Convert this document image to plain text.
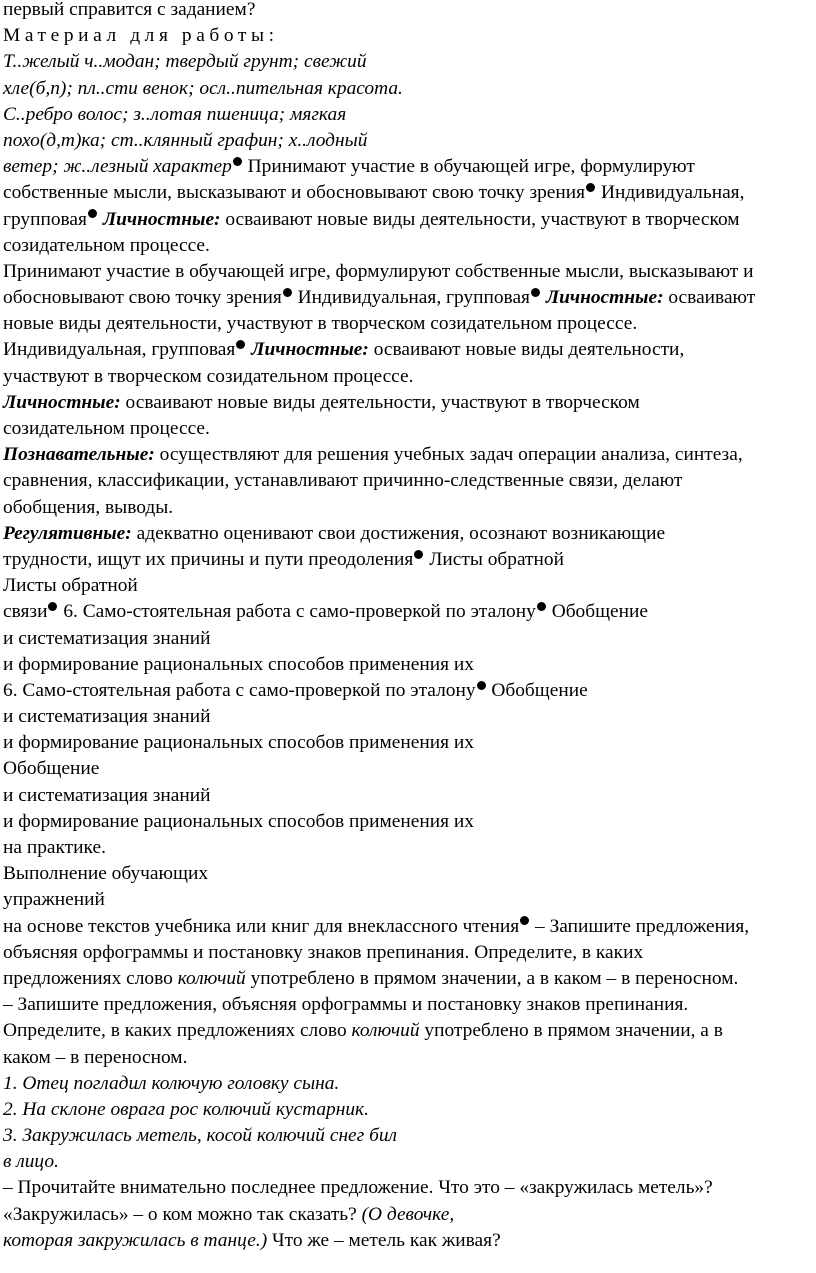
первый справится с заданием?
Материал для работы:
Т..желый ч..модан; твердый грунт; свежий
хле(б,п); пл..сти венок; осл..пительная красота.
С..ребро волос; з..лотая пшеница; мягкая
похо(д,т)ка; ст..клянный графин; х..лодный
ветер; ж..лезный характер Принимают участие в обучающей игре, формулируют
собственные мысли, высказывают и обосновывают свою точку зрения Индивидуальная,
групповая Личностные: осваивают новые виды деятельности, участвуют в творческом
созидательном процессе.
Принимают участие в обучающей игре, формулируют собственные мысли, высказывают и
обосновывают свою точку зрения Индивидуальная, групповая Личностные: осваивают
новые виды деятельности, участвуют в творческом созидательном процессе.
Индивидуальная, групповая Личностные: осваивают новые виды деятельности,
участвуют в творческом созидательном процессе.
Личностные: осваивают новые виды деятельности, участвуют в творческом
созидательном процессе.
Познавательные: осуществляют для решения учебных задач операции анализа, синтеза,
сравнения, классификации, устанавливают причинно-следственные связи, делают
обобщения, выводы.
Регулятивные: адекватно оценивают свои достижения, осознают возникающие
трудности, ищут их причины и пути преодоления Листы обратной
Листы обратной
связи 6. Само-стоятельная работа с само-проверкой по эталону Обобщение
и систематизация знаний
и формирование рациональных способов применения их
6. Само-стоятельная работа с само-проверкой по эталону Обобщение
и систематизация знаний
и формирование рациональных способов применения их
Обобщение
и систематизация знаний
и формирование рациональных способов применения их
на практике.
Выполнение обучающих
упражнений
на основе текстов учебника или книг для внеклассного чтения – Запишите предложения,
объясняя орфограммы и постановку знаков препинания. Определите, в каких
предложениях слово колючий употреблено в прямом значении, а в каком – в переносном.
– Запишите предложения, объясняя орфограммы и постановку знаков препинания.
Определите, в каких предложениях слово колючий употреблено в прямом значении, а в
каком – в переносном.
1. Отец погладил колючую головку сына.
2. На склоне оврага рос колючий кустарник.
3. Закружилась метель, косой колючий снег бил
в лицо.
– Прочитайте внимательно последнее предложение. Что это – «закружилась метель»?
«Закружилась» – о ком можно так сказать? (О девочке,
которая закружилась в танце.) Что же – метель как живая?
